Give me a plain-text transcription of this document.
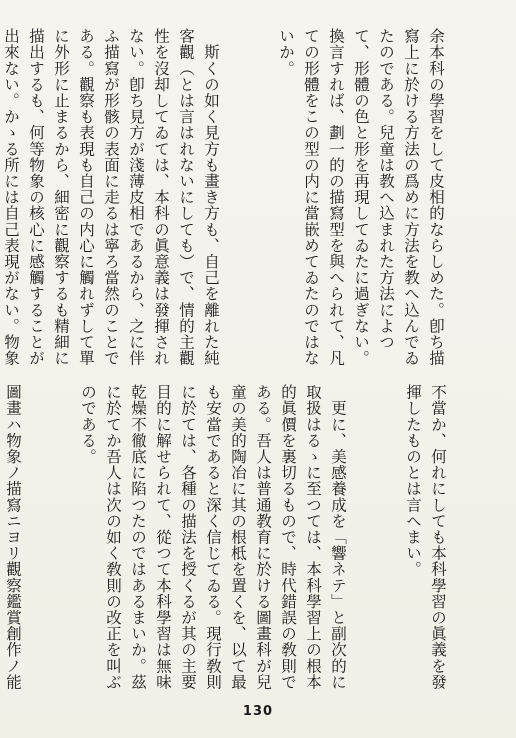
余本科の學習をして皮相的ならしめた。卽ち描寫上に於ける方法の爲めに方法を教へ込んでゐたのである。兒童は教へ込まれた方法によつて、形體の色と形を再現してゐたに過ぎない。換言すれば、劃一的の描寫型を與へられて、凡ての形體をこの型の内に當嵌めてゐたのではないか。

　斯くの如く見方も畫き方も、自己を離れた純客觀（とは言はれないにしても）で、情的主觀性を沒却してゐては、本科の眞意義は發揮されない。卽ち見方が淺薄皮相であるから、之に伴ふ描寫が形骸の表面に走るは寧ろ當然のことである。觀察も表現も自己の内心に觸れずして單に外形に止まるから、細密に觀察するも精細に描出するも、何等物象の核心に感觸することが出來ない。かゝる所には自己表現がない。物象

不當か、何れにしても本科學習の眞義を發揮したものとは言へまい。

　更に、美感養成を「響ネテ」と副次的に取扱はるゝに至つては、本科學習上の根本的眞價を裏切るもので、時代錯誤の敎則である。吾人は普通教育に於ける圖畫科が兒童の美的陶冶に其の根柢を置くを、以て最も安當であると深く信じてゐる。現行敎則に於ては、各種の描法を授くるが其の主要目的に解せられて、從つて本科學習は無味乾燥不徹底に陷つたのではあるまいか。茲に於てか吾人は次の如く敎則の改正を叫ぶのである。

圖畫ハ物象ノ描寫ニヨリ觀察鑑賞創作ノ能

130
